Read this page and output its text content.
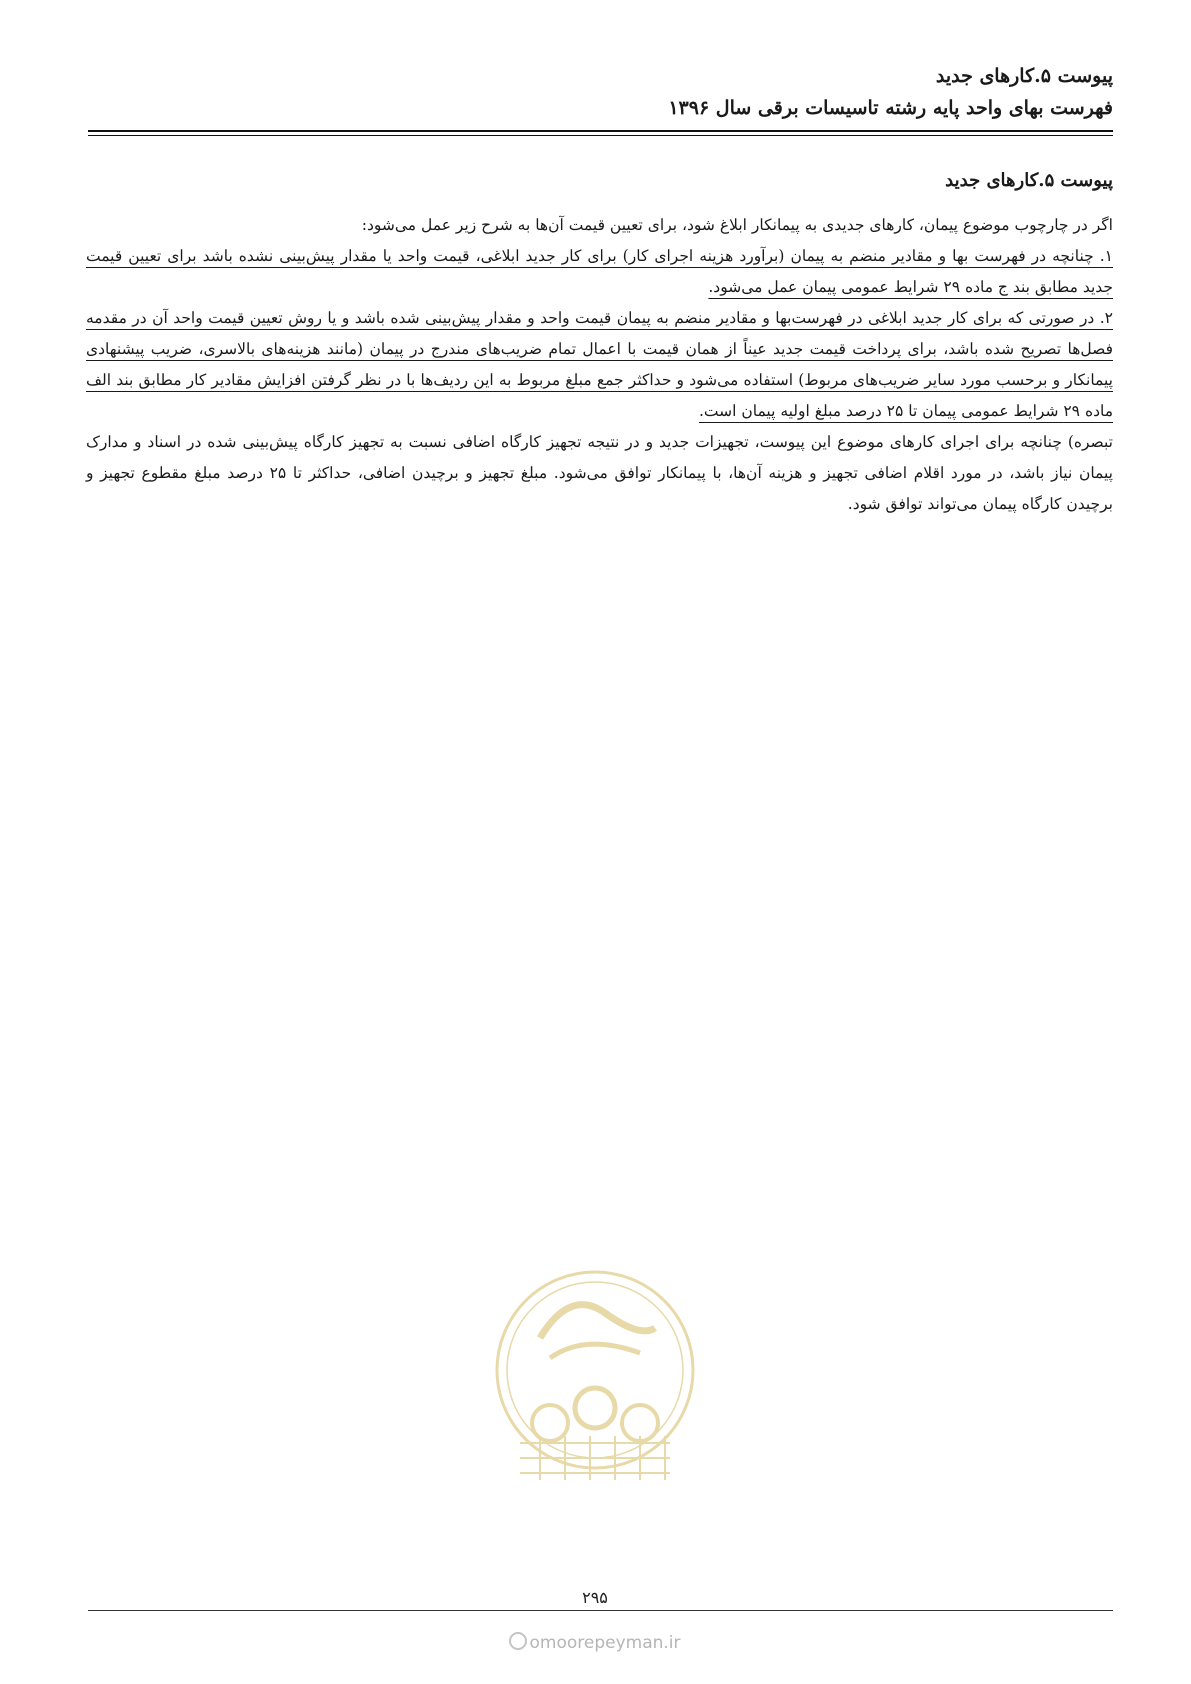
پیوست ۵.کارهای جدید

فهرست بهای واحد پایه رشته تاسیسات برقی سال ۱۳۹۶

پیوست ۵.کارهای جدید

اگر در چارچوب موضوع پیمان، کارهای جدیدی به پیمانکار ابلاغ شود، برای تعیین قیمت آن‌ها به شرح زیر عمل می‌شود:

۱. چنانچه در فهرست بها و مقادیر منضم به پیمان (برآورد هزینه اجرای کار) برای کار جدید ابلاغی، قیمت واحد یا مقدار پیش‌بینی نشده باشد برای تعیین قیمت جدید مطابق بند ج ماده ۲۹ شرایط عمومی پیمان عمل می‌شود.

۲. در صورتی که برای کار جدید ابلاغی در فهرست‌بها و مقادیر منضم به پیمان قیمت واحد و مقدار پیش‌بینی شده باشد و یا روش تعیین قیمت واحد آن در مقدمه فصل‌ها تصریح شده باشد، برای پرداخت قیمت جدید عیناً از همان قیمت با اعمال تمام ضریب‌های مندرج در پیمان (مانند هزینه‌های بالاسری، ضریب پیشنهادی پیمانکار و برحسب مورد سایر ضریب‌های مربوط) استفاده می‌شود و حداکثر جمع مبلغ مربوط به این ردیف‌ها با در نظر گرفتن افزایش مقادیر کار مطابق بند الف ماده ۲۹ شرایط عمومی پیمان تا ۲۵ درصد مبلغ اولیه پیمان است.

تبصره) چنانچه برای اجرای کارهای موضوع این پیوست، تجهیزات جدید و در نتیجه تجهیز کارگاه اضافی نسبت به تجهیز کارگاه پیش‌بینی شده در اسناد و مدارک پیمان نیاز باشد، در مورد اقلام اضافی تجهیز و هزینه آن‌ها، با پیمانکار توافق می‌شود. مبلغ تجهیز و برچیدن اضافی، حداکثر تا ۲۵ درصد مبلغ مقطوع تجهیز و برچیدن کارگاه پیمان می‌تواند توافق شود.

۲۹۵
omoorepeyman.ir
